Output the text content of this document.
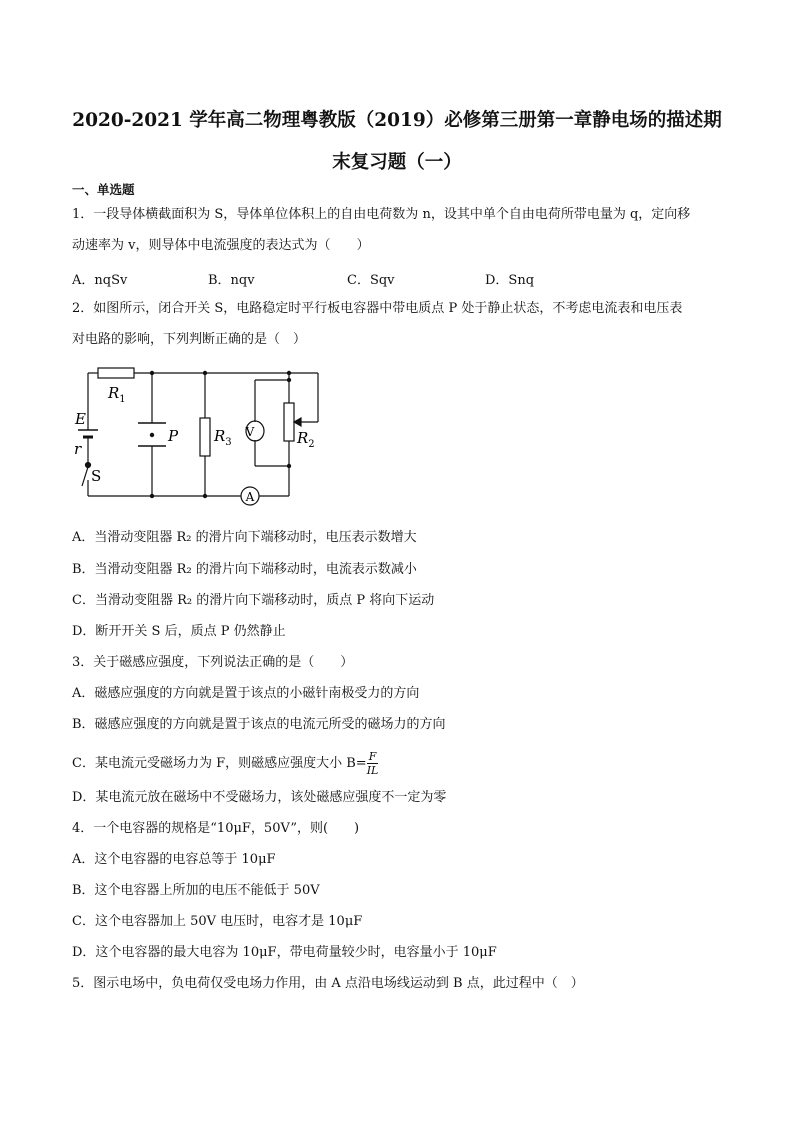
2020-2021 学年高二物理粤教版（2019）必修第三册第一章静电场的描述期
末复习题（一）
一、单选题
1．一段导体横截面积为 S，导体单位体积上的自由电荷数为 n，设其中单个自由电荷所带电量为 q，定向移
动速率为 v，则导体中电流强度的表达式为（　　）
A．nqSv	B．nqv	C．Sqv	D．Snq
2．如图所示，闭合开关 S，电路稳定时平行板电容器中带电质点 P 处于静止状态，不考虑电流表和电压表
对电路的影响，下列判断正确的是（　）
$R_1$
E
r
P $R_3$	$R_2$
S
V
A
A．当滑动变阻器 R₂ 的滑片向下端移动时，电压表示数增大
B．当滑动变阻器 R₂ 的滑片向下端移动时，电流表示数减小
C．当滑动变阻器 R₂ 的滑片向下端移动时，质点 P 将向下运动
D．断开开关 S 后，质点 P 仍然静止
3．关于磁感应强度，下列说法正确的是（　　）
A．磁感应强度的方向就是置于该点的小磁针南极受力的方向
B．磁感应强度的方向就是置于该点的电流元所受的磁场力的方向
C．某电流元受磁场力为 F，则磁感应强度大小 $B= \frac{F}{IL}$
D．某电流元放在磁场中不受磁场力，该处磁感应强度不一定为零
4．一个电容器的规格是“10μF，50V”，则(　　)
A．这个电容器的电容总等于 10μF
B．这个电容器上所加的电压不能低于 50V
C．这个电容器加上 50V 电压时，电容才是 10μF
D．这个电容器的最大电容为 10μF，带电荷量较少时，电容量小于 10μF
5．图示电场中，负电荷仅受电场力作用，由 A 点沿电场线运动到 B 点，此过程中（　）
